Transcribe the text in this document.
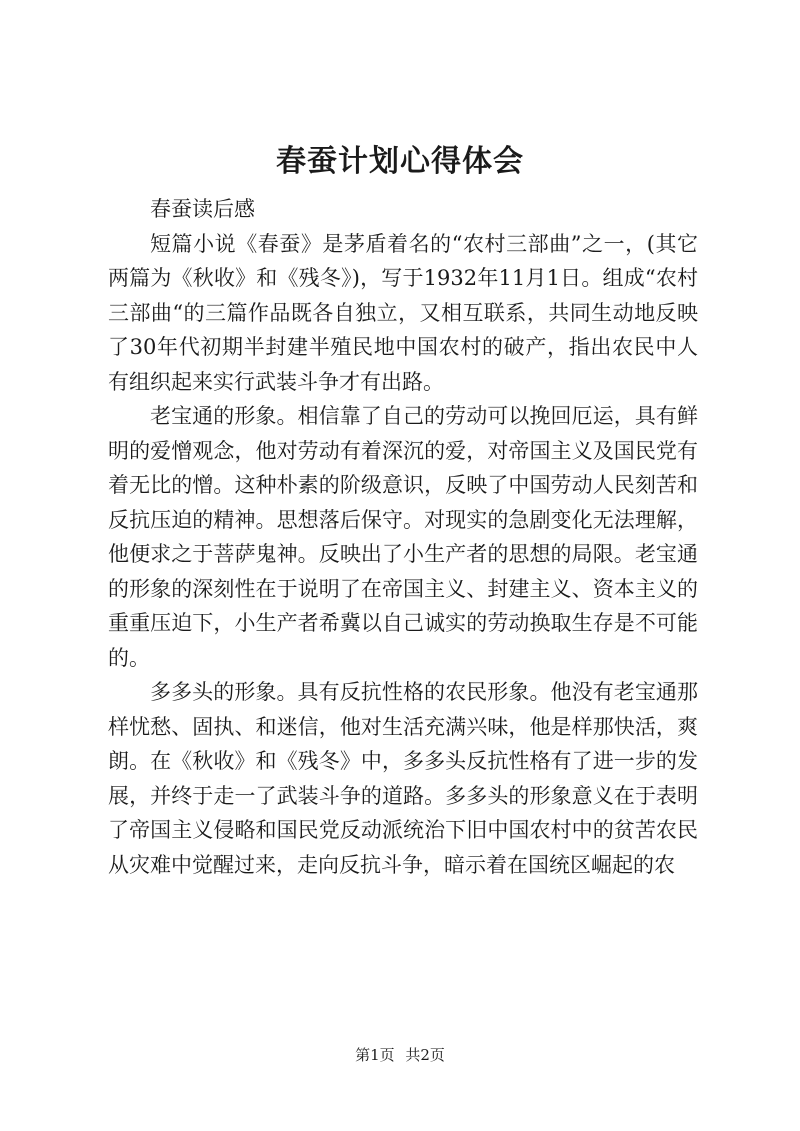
春蚕计划心得体会

春蚕读后感

短篇小说《春蚕》是茅盾着名的“农村三部曲”之一，(其它两篇为《秋收》和《残冬》)，写于1932年11月1日。组成“农村三部曲“的三篇作品既各自独立，又相互联系，共同生动地反映了30年代初期半封建半殖民地中国农村的破产，指出农民中人有组织起来实行武装斗争才有出路。

老宝通的形象。相信靠了自己的劳动可以挽回厄运，具有鲜明的爱憎观念，他对劳动有着深沉的爱，对帝国主义及国民党有着无比的憎。这种朴素的阶级意识，反映了中国劳动人民刻苦和反抗压迫的精神。思想落后保守。对现实的急剧变化无法理解，他便求之于菩萨鬼神。反映出了小生产者的思想的局限。老宝通的形象的深刻性在于说明了在帝国主义、封建主义、资本主义的重重压迫下，小生产者希冀以自己诚实的劳动换取生存是不可能的。

多多头的形象。具有反抗性格的农民形象。他没有老宝通那样忧愁、固执、和迷信，他对生活充满兴味，他是样那快活，爽朗。在《秋收》和《残冬》中，多多头反抗性格有了进一步的发展，并终于走一了武装斗争的道路。多多头的形象意义在于表明了帝国主义侵略和国民党反动派统治下旧中国农村中的贫苦农民从灾难中觉醒过来，走向反抗斗争，暗示着在国统区崛起的农

第1页 共2页
